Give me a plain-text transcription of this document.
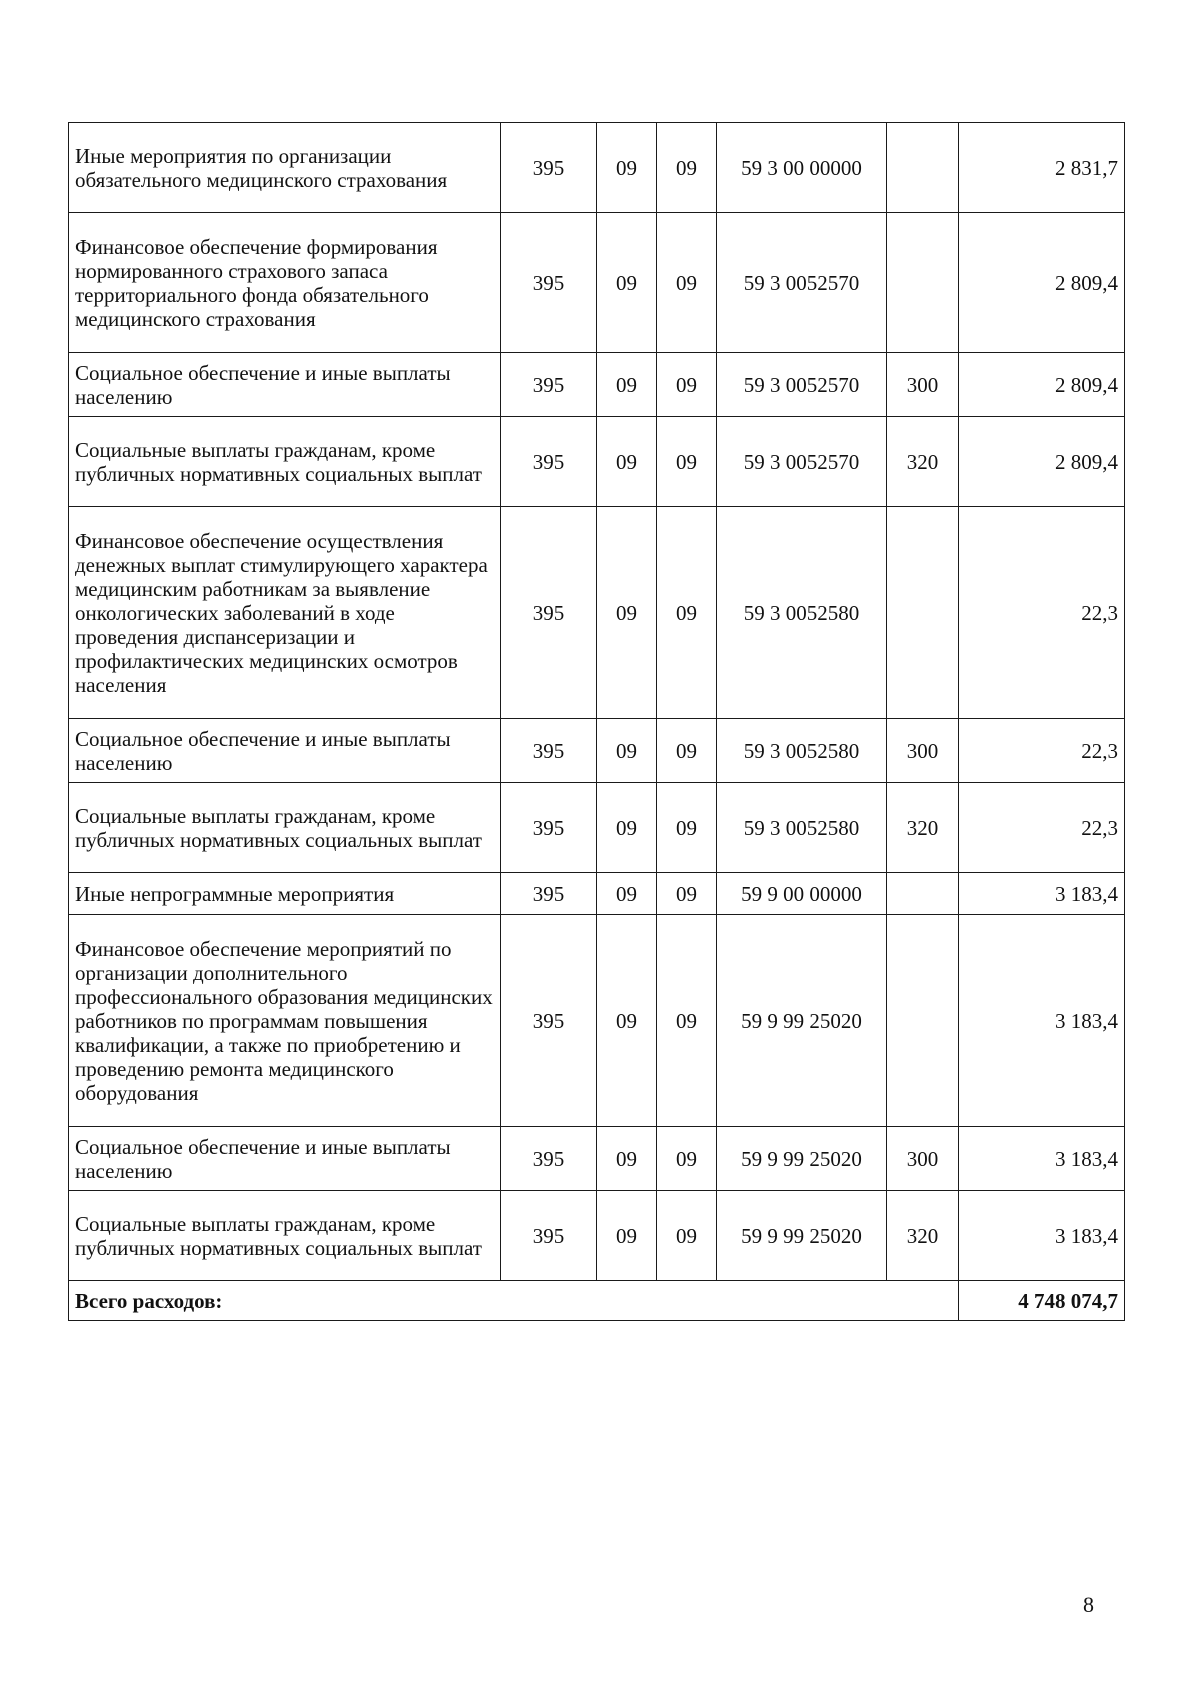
Иные мероприятия по организации обязательного медицинского страхования	395	09	09	59 3 00 00000		2 831,7
Финансовое обеспечение формирования нормированного страхового запаса территориального фонда обязательного медицинского страхования	395	09	09	59 3 0052570		2 809,4
Социальное обеспечение и иные выплаты населению	395	09	09	59 3 0052570	300	2 809,4
Социальные выплаты гражданам, кроме публичных нормативных социальных выплат	395	09	09	59 3 0052570	320	2 809,4
Финансовое обеспечение осуществления денежных выплат стимулирующего характера медицинским работникам за выявление онкологических заболеваний в ходе проведения диспансеризации и профилактических медицинских осмотров населения	395	09	09	59 3 0052580		22,3
Социальное обеспечение и иные выплаты населению	395	09	09	59 3 0052580	300	22,3
Социальные выплаты гражданам, кроме публичных нормативных социальных выплат	395	09	09	59 3 0052580	320	22,3
Иные непрограммные мероприятия	395	09	09	59 9 00 00000		3 183,4
Финансовое обеспечение мероприятий по организации дополнительного профессионального образования медицинских работников по программам повышения квалификации, а также по приобретению и проведению ремонта медицинского оборудования	395	09	09	59 9 99 25020		3 183,4
Социальное обеспечение и иные выплаты населению	395	09	09	59 9 99 25020	300	3 183,4
Социальные выплаты гражданам, кроме публичных нормативных социальных выплат	395	09	09	59 9 99 25020	320	3 183,4
Всего расходов:						4 748 074,7
8
